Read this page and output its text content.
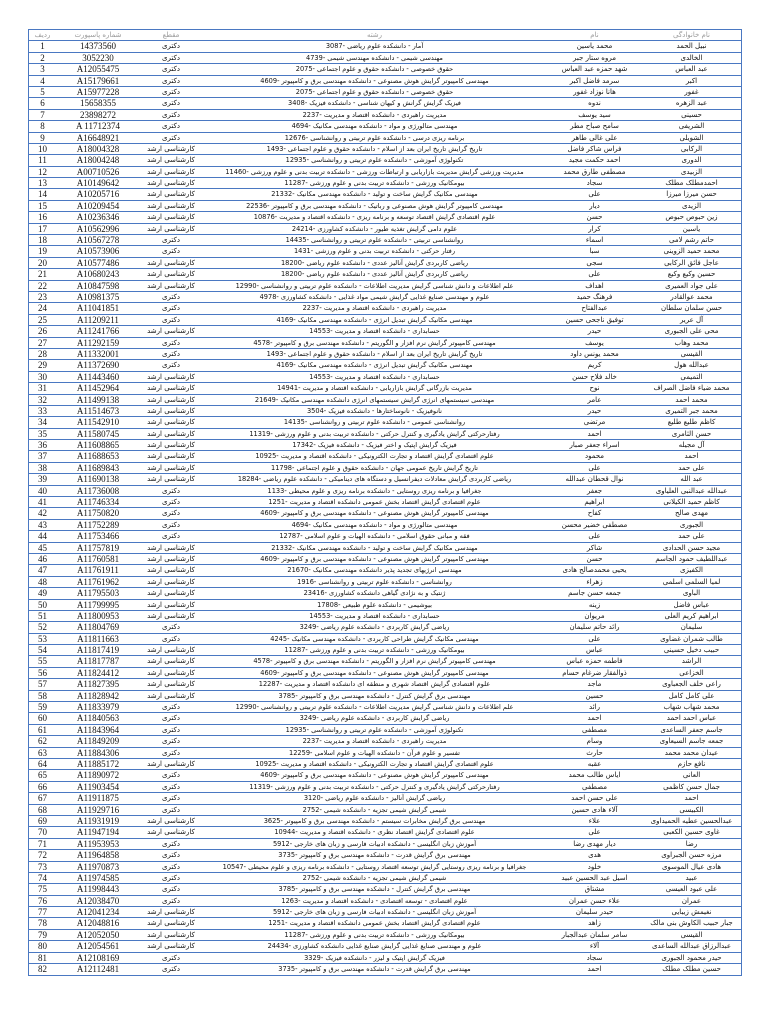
ردیف	شماره پاسپورت	مقطع	رشته	نام	نام خانوادگی
1	14373560	دکتری	آمار - دانشکده علوم ریاضی -3087	محمد یاسین	نبیل الحمد
2	3052230	دکتری	مهندسی شیمی - دانشکده مهندسی شیمی -4739	مروه ستار جبر	الخالدی
3	A12055475	دکتری	حقوق خصوصی - دانشکده حقوق و علوم اجتماعی -2075	شهد حمزه عبد العباس	عبد العباس
4	A15179661	دکتری	مهندسی کامپیوتر گرایش هوش مصنوعی - دانشکده مهندسی برق و کامپیوتر -4609	سرمد فاضل اکبر	اکبر
5	A15977228	دکتری	حقوق خصوصی - دانشکده حقوق و علوم اجتماعی -2075	هانا نوزاد غفور	غفور
6	15658355	دکتری	فیزیک گرایش گرانش و کیهان شناسی - دانشکده فیزیک -3408	ندوه	عبد الزهره
7	23898272	دکتری	مدیریت راهبردی - دانشکده اقتصاد و مدیریت -2237	سید یوسف	حسینی
8	A 11712374	دکتری	مهندسی متالورژی و مواد - دانشکده مهندسی مکانیک -4694	سامح صباح مطر	الشریفی
9	A16648921	دکتری	برنامه ریزی درسی - دانشکده علوم تربیتی و روانشناسی -12676	علی غالی طاهر	الشویلی
10	A18004328	کارشناسی ارشد	تاریخ گرایش تاریخ ایران بعد از اسلام - دانشکده حقوق و علوم اجتماعی -1493	فراس شاکر فاضل	الرکابی
11	A18004248	کارشناسی ارشد	تکنولوژی آموزشی - دانشکده علوم تربیتی و روانشناسی -12935	احمد حکمت مجید	الدوری
12	A00710526	کارشناسی ارشد	مدیریت ورزشی گرایش مدیریت بازاریابی و ارتباطات ورزشی - دانشکده تربیت بدنی و علوم ورزشی -11460	مصطفی طارق محمد	الزبیدی
13	A10149642	کارشناسی ارشد	بیومکانیک ورزشی - دانشکده تربیت بدنی و علوم ورزشی -11287	سجاد	احمدمطلک مطلک
14	A10205716	کارشناسی ارشد	مهندسی مکانیک گرایش ساخت و تولید - دانشکده مهندسی مکانیک -21332	علی	حسن میرزا میرزا
15	A10209454	کارشناسی ارشد	مهندسی کامپیوتر گرایش هوش مصنوعی و رباتیک - دانشکده مهندسی برق و کامپیوتر -22536	دیار	الزیدی
16	A10236346	کارشناسی ارشد	علوم اقتصادی گرایش اقتصاد توسعه و برنامه ریزی - دانشکده اقتصاد و مدیریت -10876	حسن	زین حبوص حبوص
17	A10562996	کارشناسی ارشد	علوم دامی گرایش تغذیه طیور - دانشکده کشاورزی -24214	کرار	یاسین
18	A10567278	دکتری	روانشناسی تربیتی - دانشکده علوم تربیتی و روانشناسی -14435	اسماء	حاتم رشم لامی
19	A10573906	دکتری	رفتار حرکتی - دانشکده تربیت بدنی و علوم ورزشی -1431	سبا	محمد حمید الزوینی
20	A10577486	کارشناسی ارشد	ریاضی کاربردی گرایش آنالیز عددی - دانشکده علوم ریاضی -18200	سجی	عاجل فائق الرکابی
21	A10680243	کارشناسی ارشد	ریاضی کاربردی گرایش آنالیز عددی - دانشکده علوم ریاضی -18200	علی	حسین وکیع وکیع
22	A10847598	کارشناسی ارشد	علم اطلاعات و دانش شناسی گرایش مدیریت اطلاعات - دانشکده علوم تربیتی و روانشناسی -12990	اهداف	علی جواد العمیری
23	A10981375	دکتری	علوم و مهندسی صنایع غذایی گرایش شیمی مواد غذایی - دانشکده کشاورزی -4978	فرهنگ حمید	محمد عوالقادر
24	A11041851	دکتری	مدیریت راهبردی - دانشکده اقتصاد و مدیریت -2237	عبدالفتاح	حسن سلمان سلطان
25	A11209211	دکتری	مهندسی مکانیک گرایش تبدیل انرژی - دانشکده مهندسی مکانیک -4169	توفیق ناجحی حسین	آل عریر
26	A11241766	کارشناسی ارشد	حسابداری - دانشکده اقتصاد و مدیریت -14553	حیدر	محی علی الجبوری
27	A11292159	دکتری	مهندسی کامپیوتر گرایش نرم افزار و الگوریتم - دانشکده مهندسی برق و کامپیوتر -4578	یوسف	محمد وهاب
28	A11332001	دکتری	تاریخ گرایش تاریخ ایران بعد از اسلام - دانشکده حقوق و علوم اجتماعی -1493	محمد یونس داود	القیسی
29	A11372690	دکتری	مهندسی مکانیک گرایش تبدیل انرژی - دانشکده مهندسی مکانیک -4169	کریم	عبدالله هول
30	A11443460	کارشناسی ارشد	حسابداری - دانشکده اقتصاد و مدیریت -14553	خالد فلاح حسن	التمیمی
31	A11452964	کارشناسی ارشد	مدیریت بازرگانی گرایش بازاریابی - دانشکده اقتصاد و مدیریت -14941	نوح	محمد ضیاء فاضل الصراف
32	A11499138	کارشناسی ارشد	مهندسی سیستمهای انرژی گرایش سیستمهای انرژی دانشکده مهندسی مکانیک -21649	عامر	محمد احمد
33	A11514673	کارشناسی ارشد	نانوفیزیک - نانوساختارها - دانشکده فیزیک -3504	حیدر	محمد جبر التمیری
34	A11542910	کارشناسی ارشد	روانشناسی عمومی - دانشکده علوم تربیتی و روانشناسی -14135	مرتضی	کاظم طلیع طلیع
35	A11580745	کارشناسی ارشد	رفتارحرکتی گرایش یادگیری و کنترل حرکتی - دانشکده تربیت بدنی و علوم ورزشی -11319	احمد	حسن الثامری
36	A11608865	کارشناسی ارشد	فیزیک گرایش اپتیک و اختر فیزیک - دانشکده فیزیک -17342	اسراء جعفر صبار	آل مجیله
37	A11688653	کارشناسی ارشد	علوم اقتصادی گرایش اقتصاد و تجارت الکترونیکی - دانشکده اقتصاد و مدیریت -10925	محمود	احمد
38	A11689843	کارشناسی ارشد	تاریخ گرایش تاریخ عمومی جهان - دانشکده حقوق و علوم اجتماعی -11798	علی	علی حمد
39	A11690138	کارشناسی ارشد	ریاضی کاربردی گرایش معادلات دیفرانسیل و دستگاه های دینامیکی - دانشکده علوم ریاضی -18284	نوال قحطان عبدالله	عبد الله
40	A11736008	دکتری	جغرافیا و برنامه ریزی روستایی - دانشکده برنامه ریزی و علوم محیطی -1133	جعفر	عبدالله عبدالنبی العلیاوی
41	A11746334	دکتری	علوم اقتصادی گرایش اقتصاد بخش عمومی دانشکده اقتصاد و مدیریت -1251	ابراهیم	کاظم حمید الکیلانی
42	A11750820	دکتری	مهندسی کامپیوتر گرایش هوش مصنوعی - دانشکده مهندسی برق و کامپیوتر -4609	کفاح	مهدی صالح
43	A11752289	دکتری	مهندسی متالورژی و مواد - دانشکده مهندسی مکانیک -4694	مصطفی خضیر محسن	الجبوری
44	A11753466	دکتری	فقه و مبانی حقوق اسلامی - دانشکده الهیات و علوم اسلامی -12787	علی	علی حمد
45	A11757819	کارشناسی ارشد	مهندسی مکانیک گرایش ساخت و تولید - دانشکده مهندسی مکانیک -21332	شاکر	مجید حسن الحدادی
46	A11760581	کارشناسی ارشد	مهندسی کامپیوتر گرایش هوش مصنوعی - دانشکده مهندسی برق و کامپیوتر -4609	حسن	عبداللطیف حمود الجاسم
47	A11761911	کارشناسی ارشد	مهندسی انرژیهای تجدید پذیر دانشکده مهندسی مکانیک -21670	یحیی محمدصالح هادی	الکفیزی
48	A11761962	کارشناسی ارشد	روانشناسی - دانشکده علوم تربیتی و روانشناسی -1916	زهراء	لمیا السلمی اسلمی
49	A11795503	کارشناسی ارشد	ژنتیک و به نژادی گیاهی دانشکده کشاورزی -23416	جمعه حسن جاسم	الباوی
50	A11799995	کارشناسی ارشد	بیوشیمی - دانشکده علوم طبیعی -17808	زینه	عباس فاضل
51	A11800953	کارشناسی ارشد	حسابداری - دانشکده اقتصاد و مدیریت -14553	مریوان	ابراهیم کریم العلی
52	A11804769	دکتری	ریاضی گرایش کاربردی - دانشکده علوم ریاضی -3249	رائد حاتم سلیمان	سلیمان
53	A11811663	دکتری	مهندسی مکانیک گرایش طراحی کاربردی - دانشکده مهندسی مکانیک -4245	علی	طالب شمران غضاوی
54	A11817419	کارشناسی ارشد	بیومکانیک ورزشی - دانشکده تربیت بدنی و علوم ورزشی -11287	عباس	حبیب دخیل حسینی
55	A11817787	کارشناسی ارشد	مهندسی کامپیوتر گرایش نرم افزار و الگوریتم - دانشکده مهندسی برق و کامپیوتر -4578	فاطمه حمزه عباس	الراشد
56	A11824412	کارشناسی ارشد	مهندسی کامپیوتر گرایش هوش مصنوعی - دانشکده مهندسی برق و کامپیوتر -4609	ذوالفقار ضرغام حسام	الخزاعی
57	A11827395	کارشناسی ارشد	علوم اقتصادی گرایش اقتصاد شهری و منطقه ای دانشکده اقتصاد و مدیریت -12287	ماجد	راعی خلف الجعباوی
58	A11828942	کارشناسی ارشد	مهندسی برق گرایش کنترل - دانشکده مهندسی برق و کامپیوتر -3785	حسین	علی کامل کامل
59	A11833979	دکتری	علم اطلاعات و دانش شناسی گرایش مدیریت اطلاعات - دانشکده علوم تربیتی و روانشناسی -12990	رائد	محمد شهاب شهاب
60	A11840563	دکتری	ریاضی گرایش کاربردی - دانشکده علوم ریاضی -3249	احمد	عباس احمد احمد
61	A11843964	دکتری	تکنولوژی آموزشی - دانشکده علوم تربیتی و روانشناسی -12935	مصطفی	جاسم جعفر الساعدی
62	A11849209	دکتری	مدیریت راهبردی - دانشکده اقتصاد و مدیریت -2237	وسام	جمعه جاسم السیعاوی
63	A11884306	دکتری	تفسیر و علوم قرآن - دانشکده الهیات و علوم اسلامی -12259	حارث	عیدان محمد محمد
64	A11885172	کارشناسی ارشد	علوم اقتصادی گرایش اقتصاد و تجارت الکترونیکی - دانشکده اقتصاد و مدیریت -10925	عقبه	نافع حازم
65	A11890972	دکتری	مهندسی کامپیوتر گرایش هوش مصنوعی - دانشکده مهندسی برق و کامپیوتر -4609	ایاس طالب محمد	العانی
66	A11903454	دکتری	رفتارحرکتی گرایش یادگیری و کنترل حرکتی - دانشکده تربیت بدنی و علوم ورزشی -11319	مصطفی	جمال حسن کاظمی
67	A11911875	دکتری	ریاضی گرایش آنالیز - دانشکده علوم ریاضی -3120	علی حسن احمد	احمد
68	A11929716	دکتری	شیمی گرایش شیمی تجزیه - دانشکده شیمی -2752	آلاء هادی حسین	الکبیسی
69	A11931919	کارشناسی ارشد	مهندسی برق گرایش مخابرات سیستم - دانشکده مهندسی برق و کامپیوتر -3625	علاء	عبدالحسین عطیه الحمیداوی
70	A11947194	کارشناسی ارشد	علوم اقتصادی گرایش اقتصاد نظری - دانشکده اقتصاد و مدیریت -10944	علی	غاوی حسین الکعبی
71	A11953953	دکتری	آموزش زبان انگلیسی - دانشکده ادبیات فارسی و زبان های خارجی -5912	دیار مهدی رضا	رضا
72	A11964858	دکتری	مهندسی برق گرایش قدرت - دانشکده مهندسی برق و کامپیوتر -3735	هدی	مرزه حسن الجبراوی
73	A11970873	دکتری	جغرافیا و برنامه ریزی روستایی گرایش توسعه اقتصاد روستایی - دانشکده برنامه ریزی و علوم محیطی -10547	خلود	هادی عیال الموسوی
74	A11974585	دکتری	شیمی گرایش شیمی تجزیه - دانشکده شیمی -2752	اسیل عبد الحسین عبید	عبید
75	A11998443	دکتری	مهندسی برق گرایش کنترل - دانشکده مهندسی برق و کامپیوتر -3785	مشتاق	علی عبود العیسی
76	A12038470	دکتری	علوم اقتصادی - توسعه اقتصادی - دانشکده اقتصاد و مدیریت -1263	علاء حسن عمران	عمران
77	A12041234	کارشناسی ارشد	آموزش زبان انگلیسی - دانشکده ادبیات فارسی و زبان های خارجی -5912	حیدر سلیمان	نغیمش زیبایی
78	A12048816	کارشناسی ارشد	علوم اقتصادی گرایش اقتصاد بخش عمومی دانشکده اقتصاد و مدیریت -1251	زاهد	جبار حبیب الکاوش بنی مالک
79	A12052050	کارشناسی ارشد	بیومکانیک ورزشی - دانشکده تربیت بدنی و علوم ورزشی -11287	سامر سلمان عبدالجبار	القیسی
80	A12054561	کارشناسی ارشد	علوم و مهندسی صنایع غذایی گرایش صنایع غذایی دانشکده کشاورزی -24434	آلاء	عبدالرزاق عبدالله الساعدی
81	A12108169	دکتری	فیزیک گرایش اپتیک و لیزر - دانشکده فیزیک -3329	سجاد	حیدر محمود الجبوری
82	A12112481	دکتری	مهندسی برق گرایش قدرت - دانشکده مهندسی برق و کامپیوتر -3735	احمد	حسین مطلک مطلک
